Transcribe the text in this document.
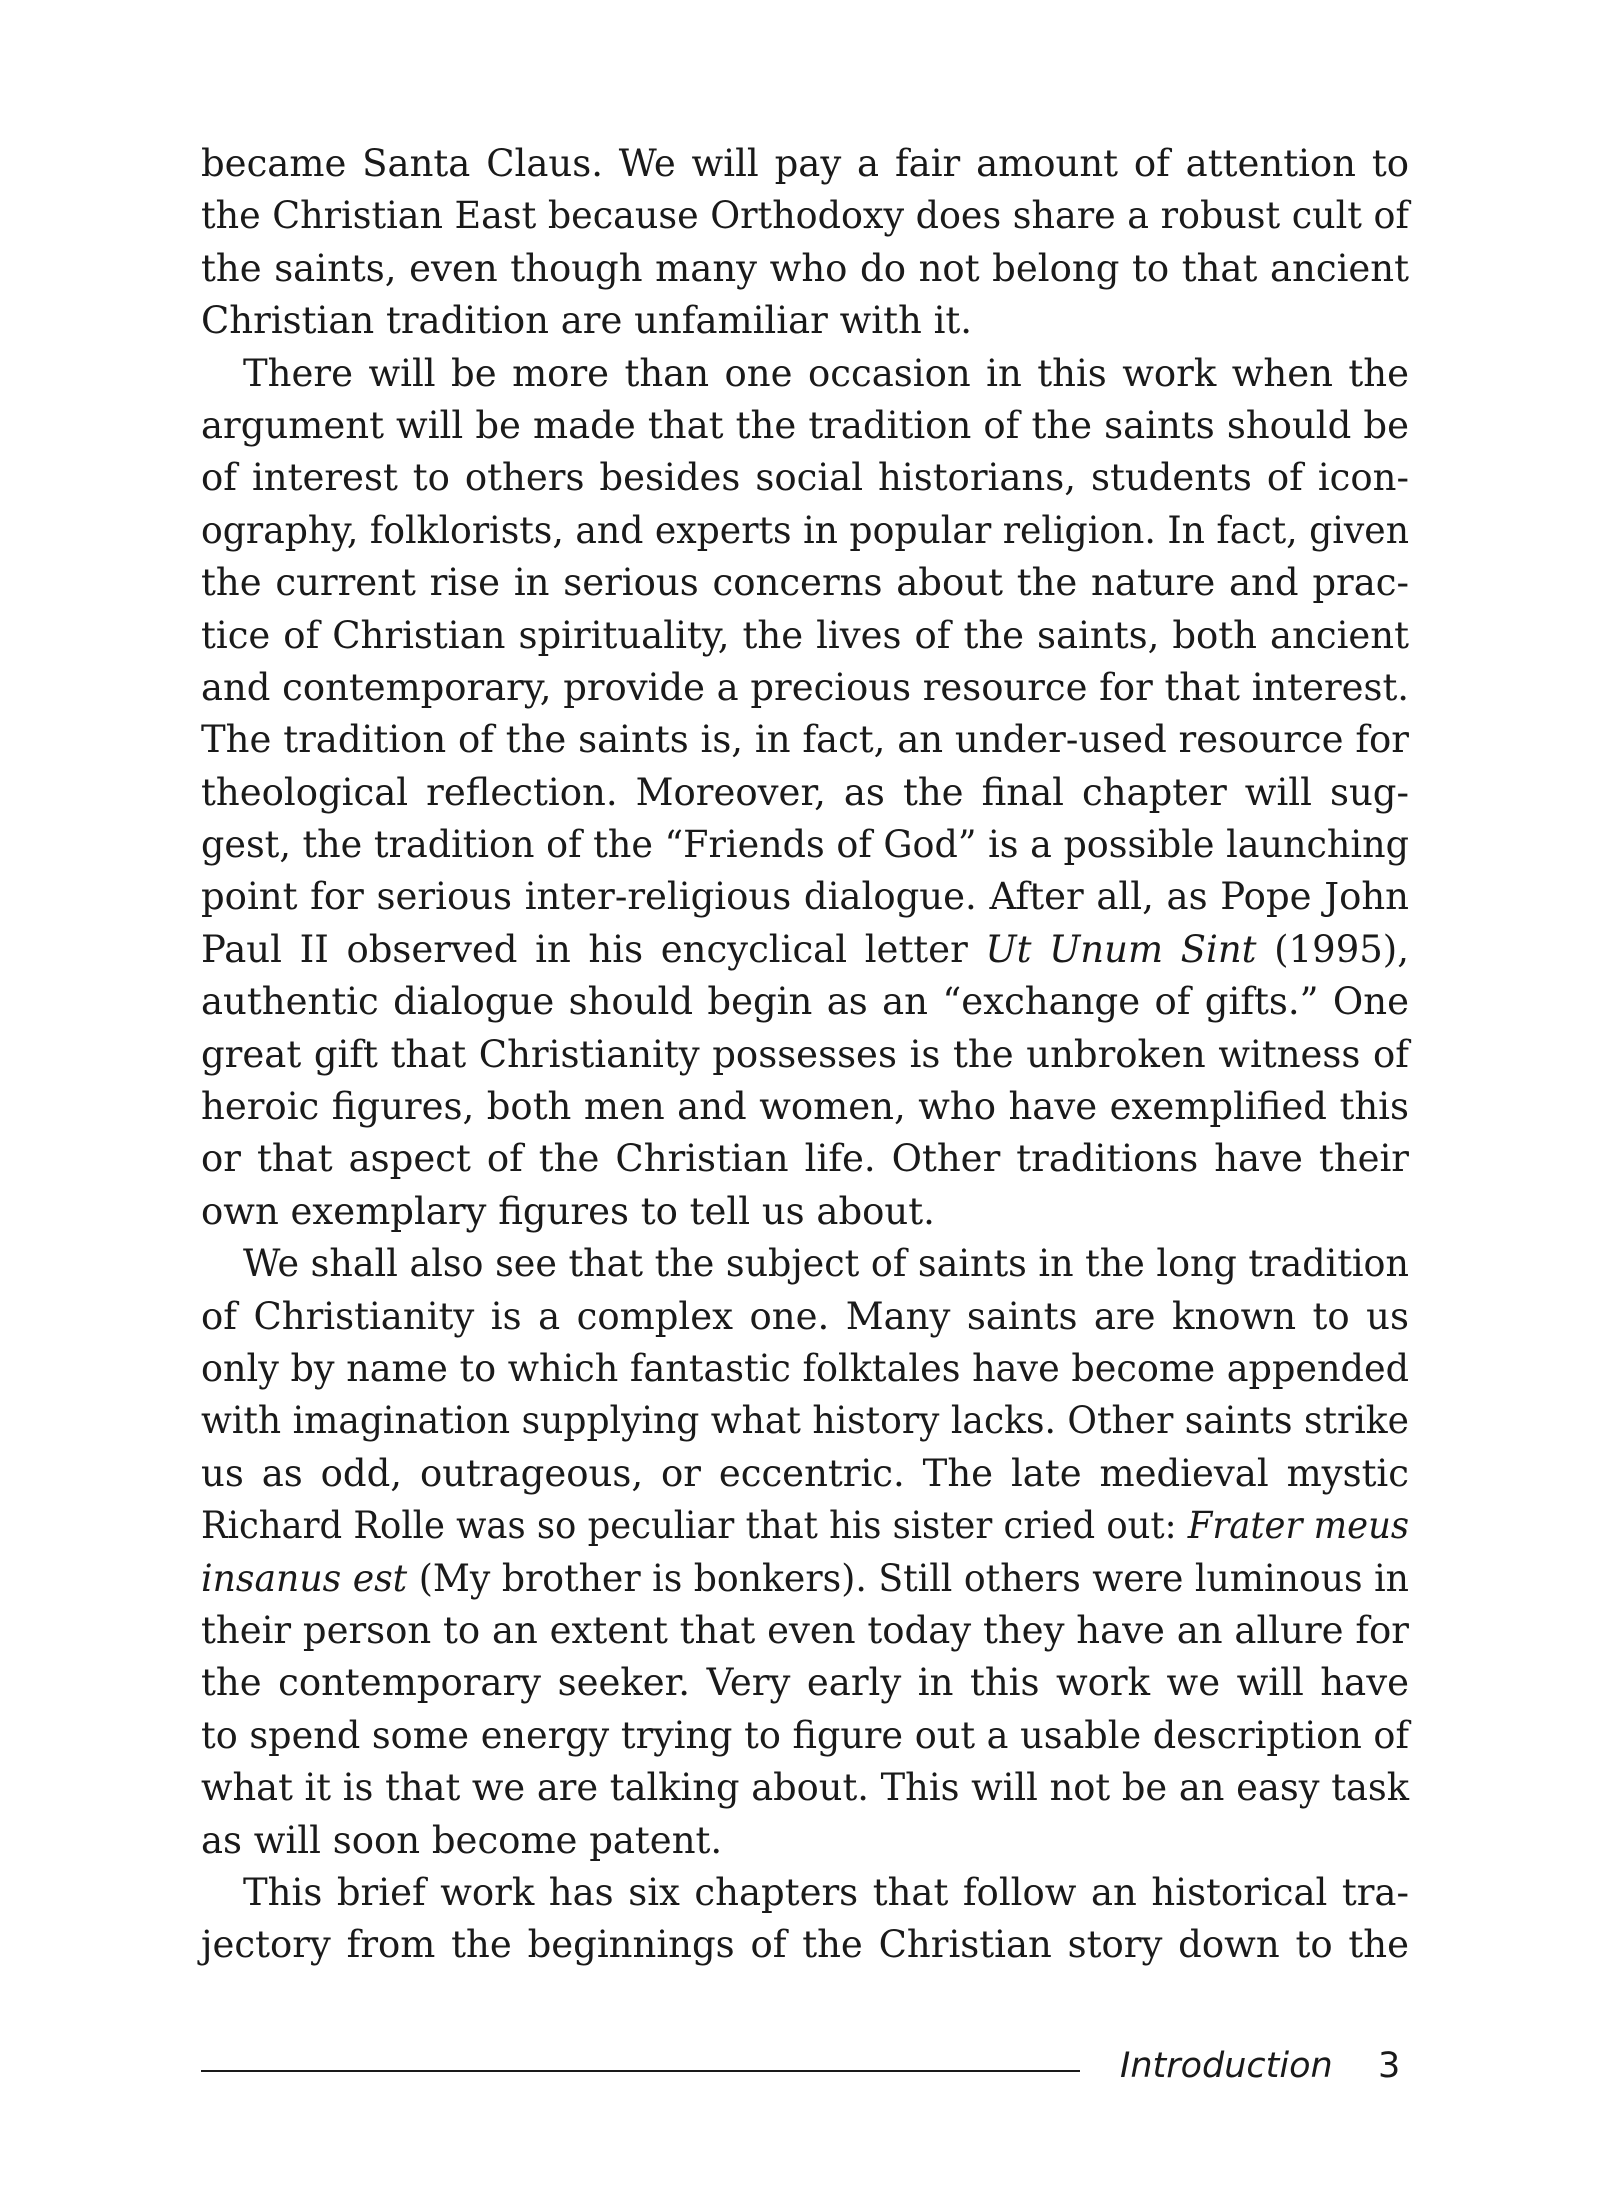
became Santa Claus. We will pay a fair amount of attention to
the Christian East because Orthodoxy does share a robust cult of
the saints, even though many who do not belong to that ancient
Christian tradition are unfamiliar with it.
There will be more than one occasion in this work when the
argument will be made that the tradition of the saints should be
of interest to others besides social historians, students of icon-
ography, folklorists, and experts in popular religion. In fact, given
the current rise in serious concerns about the nature and prac-
tice of Christian spirituality, the lives of the saints, both ancient
and contemporary, provide a precious resource for that interest.
The tradition of the saints is, in fact, an under-used resource for
theological reflection. Moreover, as the final chapter will sug-
gest, the tradition of the “Friends of God” is a possible launching
point for serious inter-religious dialogue. After all, as Pope John
Paul II observed in his encyclical letter Ut Unum Sint (1995),
authentic dialogue should begin as an “exchange of gifts.” One
great gift that Christianity possesses is the unbroken witness of
heroic figures, both men and women, who have exemplified this
or that aspect of the Christian life. Other traditions have their
own exemplary figures to tell us about.
We shall also see that the subject of saints in the long tradition
of Christianity is a complex one. Many saints are known to us
only by name to which fantastic folktales have become appended
with imagination supplying what history lacks. Other saints strike
us as odd, outrageous, or eccentric. The late medieval mystic
Richard Rolle was so peculiar that his sister cried out: Frater meus
insanus est (My brother is bonkers). Still others were luminous in
their person to an extent that even today they have an allure for
the contemporary seeker. Very early in this work we will have
to spend some energy trying to figure out a usable description of
what it is that we are talking about. This will not be an easy task
as will soon become patent.
This brief work has six chapters that follow an historical tra-
jectory from the beginnings of the Christian story down to the
Introduction 3
